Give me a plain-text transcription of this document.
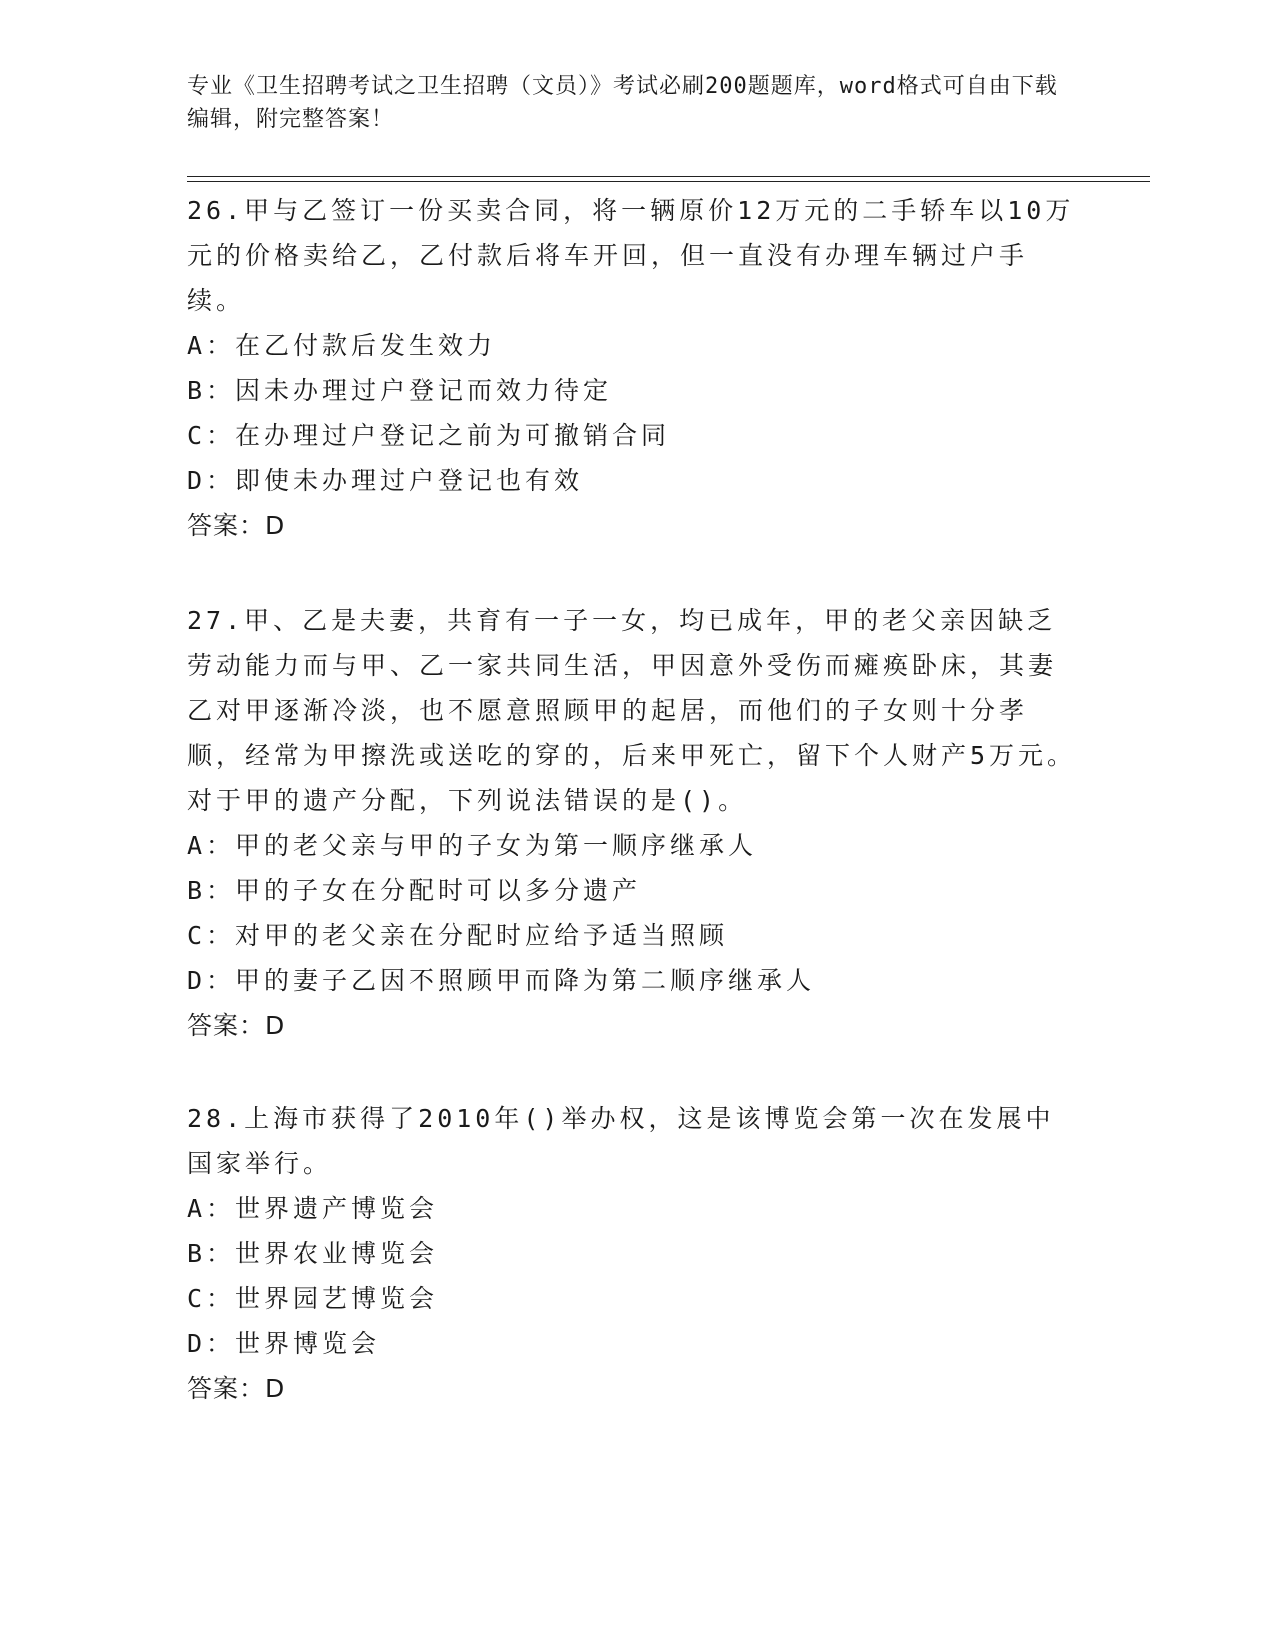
专业《卫生招聘考试之卫生招聘（文员）》考试必刷200题题库，word格式可自由下载编辑，附完整答案！

26.甲与乙签订一份买卖合同，将一辆原价12万元的二手轿车以10万元的价格卖给乙，乙付款后将车开回，但一直没有办理车辆过户手续。

A：在乙付款后发生效力

B：因未办理过户登记而效力待定

C：在办理过户登记之前为可撤销合同

D：即使未办理过户登记也有效

答案：D

27.甲、乙是夫妻，共育有一子一女，均已成年，甲的老父亲因缺乏劳动能力而与甲、乙一家共同生活，甲因意外受伤而瘫痪卧床，其妻乙对甲逐渐冷淡，也不愿意照顾甲的起居，而他们的子女则十分孝顺，经常为甲擦洗或送吃的穿的，后来甲死亡，留下个人财产5万元。对于甲的遗产分配，下列说法错误的是()。

A：甲的老父亲与甲的子女为第一顺序继承人

B：甲的子女在分配时可以多分遗产

C：对甲的老父亲在分配时应给予适当照顾

D：甲的妻子乙因不照顾甲而降为第二顺序继承人

答案：D

28.上海市获得了2010年()举办权，这是该博览会第一次在发展中国家举行。

A：世界遗产博览会

B：世界农业博览会

C：世界园艺博览会

D：世界博览会

答案：D
